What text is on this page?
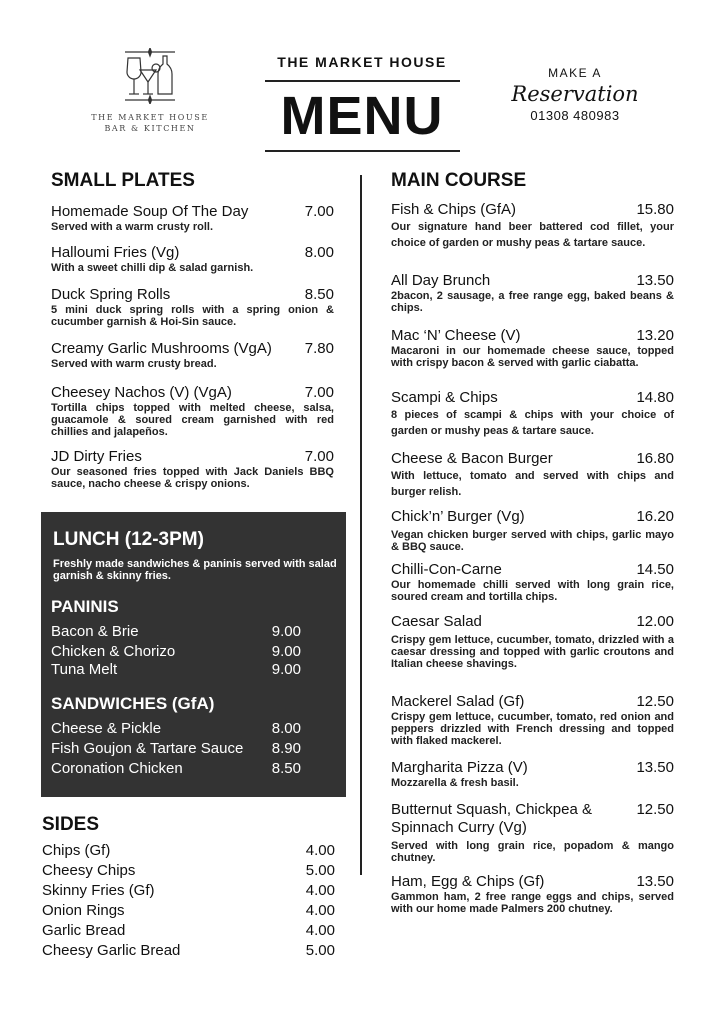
THE MARKET HOUSE
BAR & KITCHEN
THE MARKET HOUSE
MENU
MAKE A
Reservation
01308 480983
SMALL PLATES
Homemade Soup Of The Day	7.00
Served with a warm crusty roll.
Halloumi Fries (Vg)	8.00
With a sweet chilli dip & salad garnish.
Duck Spring Rolls	8.50
5 mini duck spring rolls with a spring onion & cucumber garnish & Hoi-Sin sauce.
Creamy Garlic Mushrooms (VgA) 7.80
Served with warm crusty bread.
Cheesey Nachos (V) (VgA)	7.00
Tortilla chips topped with melted cheese, salsa, guacamole & soured cream garnished with red chillies and jalapeños.
JD Dirty Fries	7.00
Our seasoned fries topped with Jack Daniels BBQ sauce, nacho cheese & crispy onions.
LUNCH (12-3PM)
Freshly made sandwiches & paninis served with salad garnish & skinny fries.
PANINIS
Bacon & Brie	9.00
Chicken & Chorizo	9.00
Tuna Melt	9.00
SANDWICHES (GfA)
Cheese & Pickle	8.00
Fish Goujon & Tartare Sauce 8.90
Coronation Chicken	8.50
SIDES
Chips (Gf)	4.00
Cheesy Chips	5.00
Skinny Fries (Gf)	4.00
Onion Rings	4.00
Garlic Bread	4.00
Cheesy Garlic Bread	5.00
MAIN COURSE
Fish & Chips (GfA)	15.80
Our signature hand beer battered cod fillet, your choice of garden or mushy peas & tartare sauce.
All Day Brunch	13.50
2bacon, 2 sausage, a free range egg, baked beans & chips.
Mac ‘N’ Cheese (V)	13.20
Macaroni in our homemade cheese sauce, topped with crispy bacon & served with garlic ciabatta.
Scampi & Chips	14.80
8 pieces of scampi & chips with your choice of garden or mushy peas & tartare sauce.
Cheese & Bacon Burger	16.80
With lettuce, tomato and served with chips and burger relish.
Chick’n’ Burger (Vg)	16.20
Vegan chicken burger served with chips, garlic mayo & BBQ sauce.
Chilli-Con-Carne	14.50
Our homemade chilli served with long grain rice, soured cream and tortilla chips.
Caesar Salad	12.00
Crispy gem lettuce, cucumber, tomato, drizzled with a caesar dressing and topped with garlic croutons and Italian cheese shavings.
Mackerel Salad (Gf)	12.50
Crispy gem lettuce, cucumber, tomato, red onion and peppers drizzled with French dressing and topped with flaked mackerel.
Margharita Pizza (V)	13.50
Mozzarella & fresh basil.
Butternut Squash, Chickpea & Spinnach Curry (Vg)
12.50
Served with long grain rice, popadom & mango chutney.
Ham, Egg & Chips (Gf)	13.50
Gammon ham, 2 free range eggs and chips, served with our home made Palmers 200 chutney.
